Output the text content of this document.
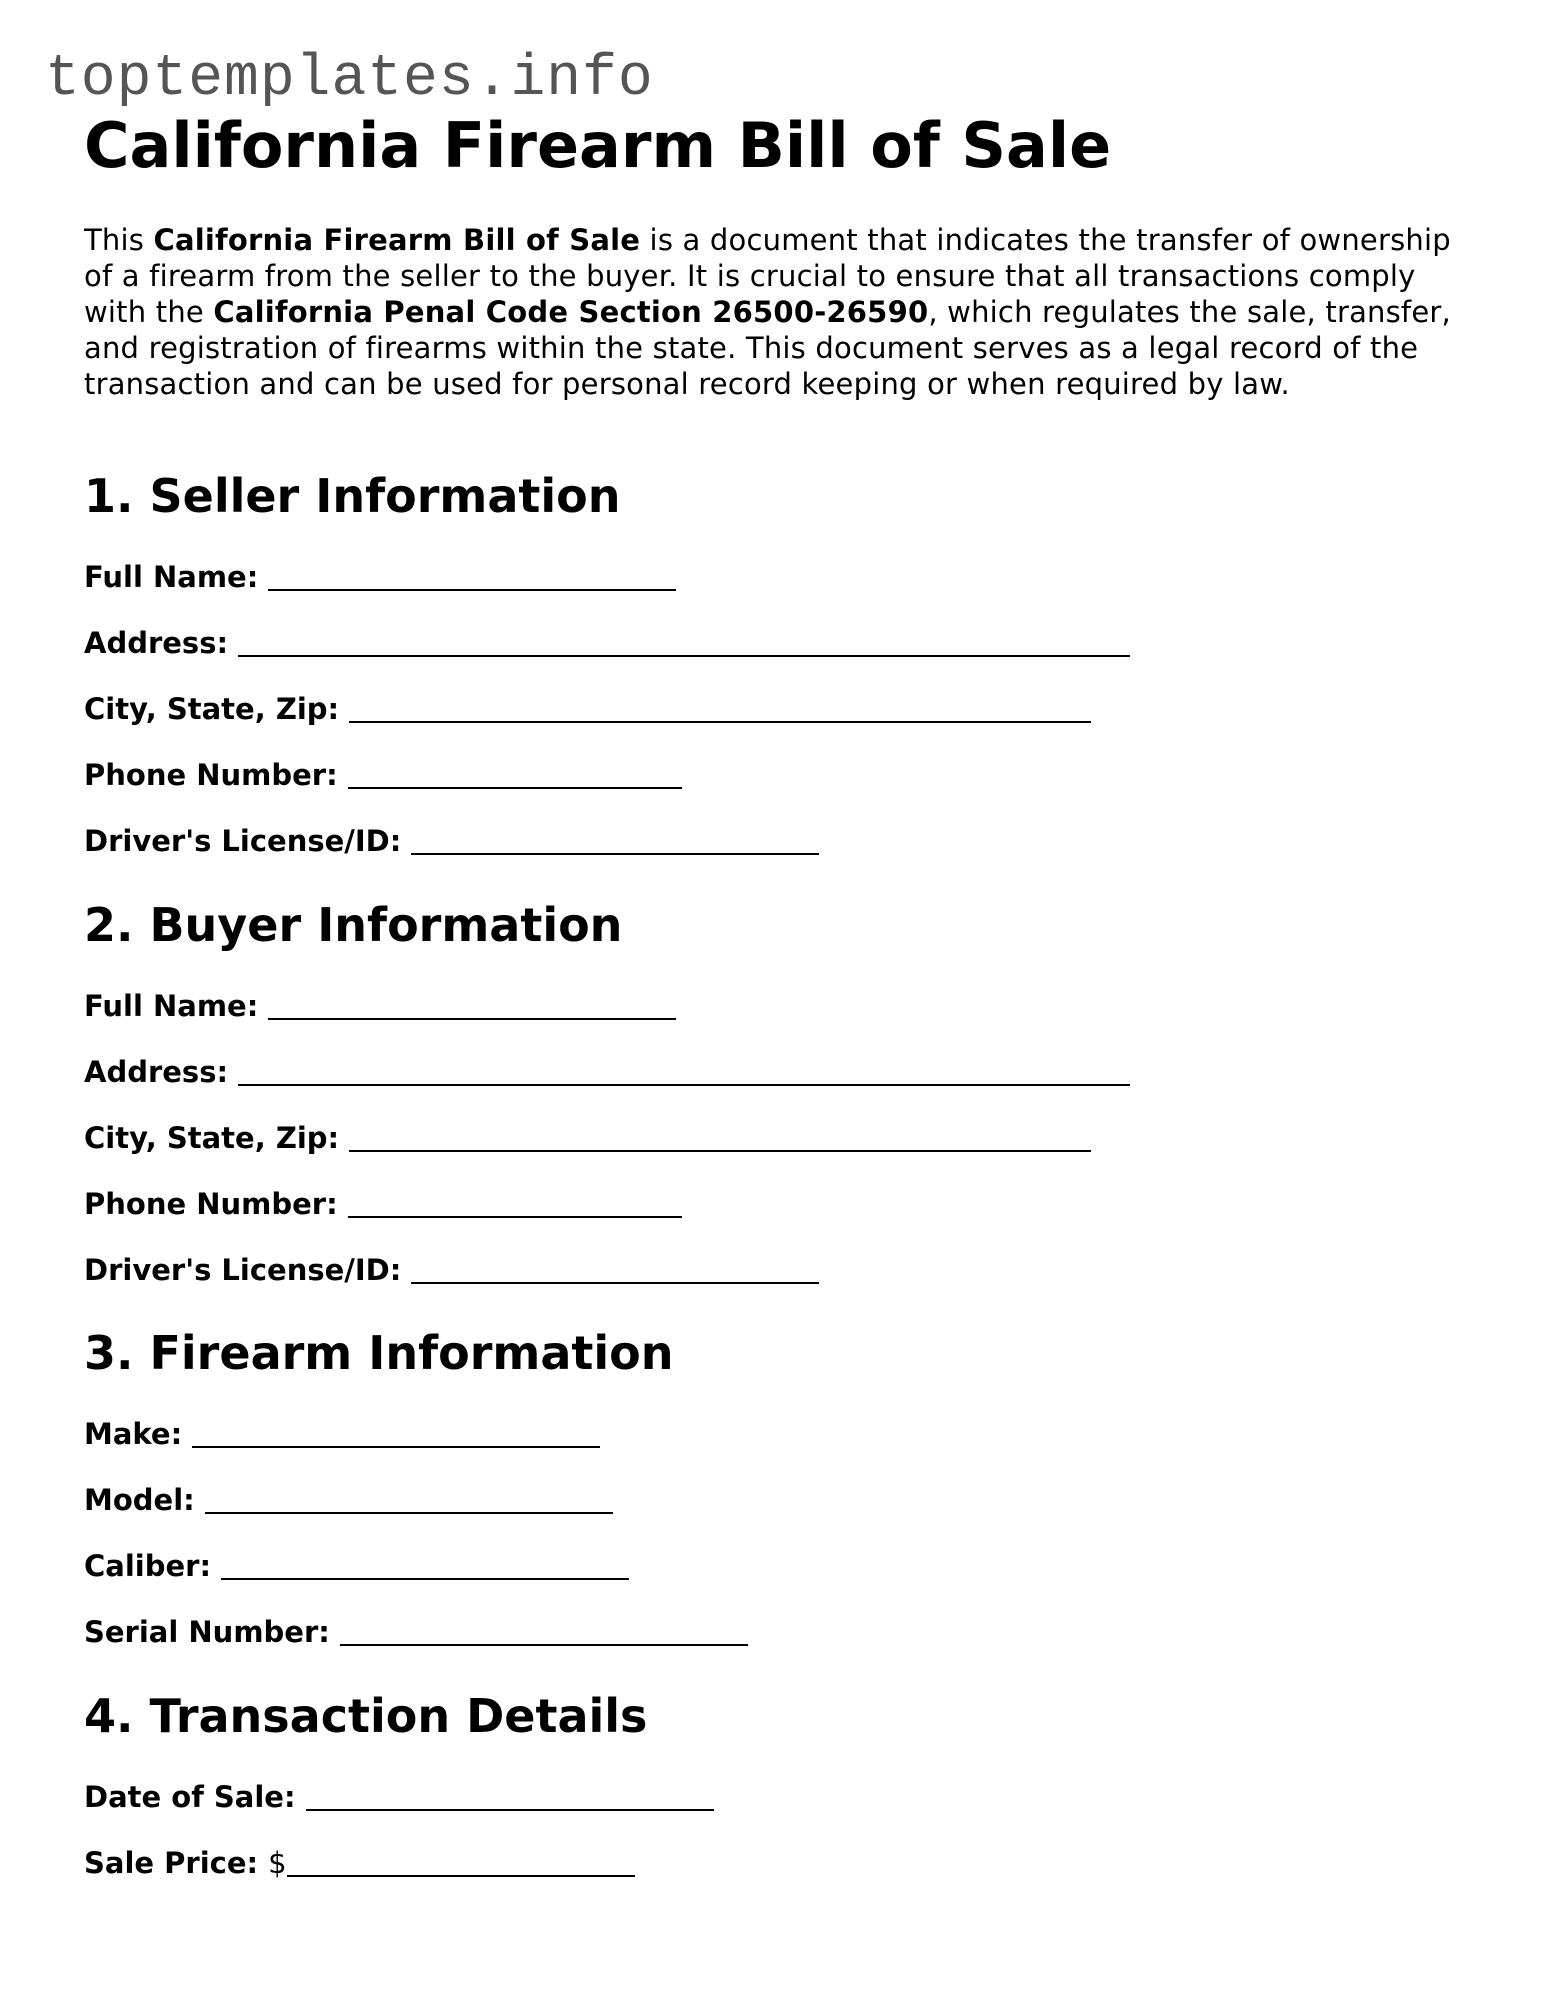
toptemplates.info
California Firearm Bill of Sale

This California Firearm Bill of Sale is a document that indicates the transfer of ownership of a firearm from the seller to the buyer. It is crucial to ensure that all transactions comply with the California Penal Code Section 26500-26590, which regulates the sale, transfer, and registration of firearms within the state. This document serves as a legal record of the transaction and can be used for personal record keeping or when required by law.

1. Seller Information
Full Name:
Address:
City, State, Zip:
Phone Number:
Driver's License/ID:
2. Buyer Information
Full Name:
Address:
City, State, Zip:
Phone Number:
Driver's License/ID:
3. Firearm Information
Make:
Model:
Caliber:
Serial Number:
4. Transaction Details
Date of Sale:
Sale Price: $
